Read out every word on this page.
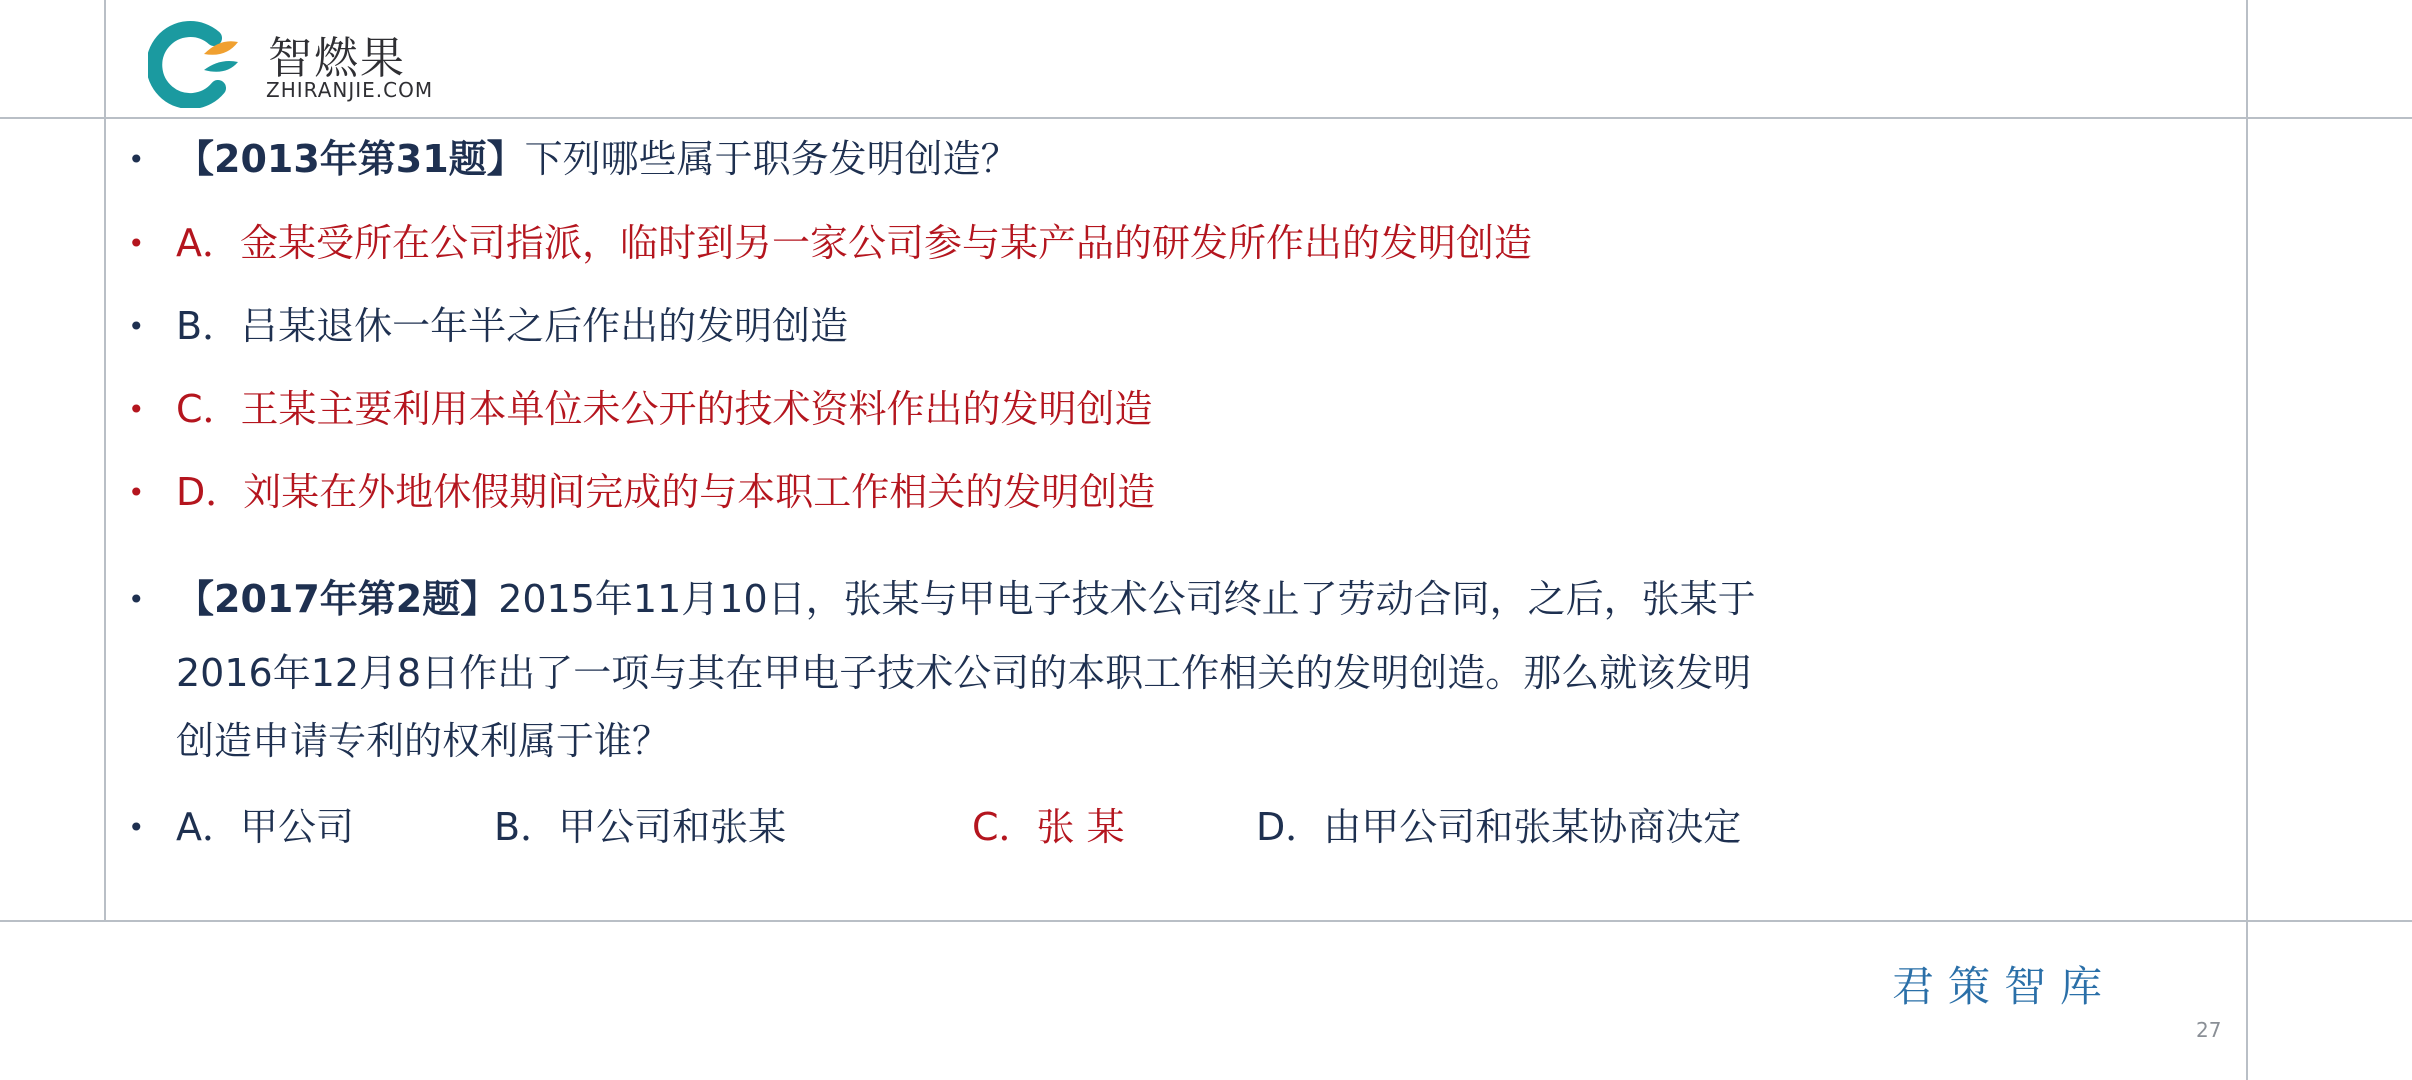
智燃果
ZHIRANJIE.COM
• 【2013年第31题】下列哪些属于职务发明创造？
• A．金某受所在公司指派，临时到另一家公司参与某产品的研发所作出的发明创造
• B．吕某退休一年半之后作出的发明创造
• C．王某主要利用本单位未公开的技术资料作出的发明创造
• D．刘某在外地休假期间完成的与本职工作相关的发明创造
• 【2017年第2题】2015年11月10日，张某与甲电子技术公司终止了劳动合同，之后，张某于
2016年12月8日作出了一项与其在甲电子技术公司的本职工作相关的发明创造。那么就该发明
创造申请专利的权利属于谁？
• A．甲公司	B．甲公司和张某	C．张 某	D．由甲公司和张某协商决定
君策智库
27
